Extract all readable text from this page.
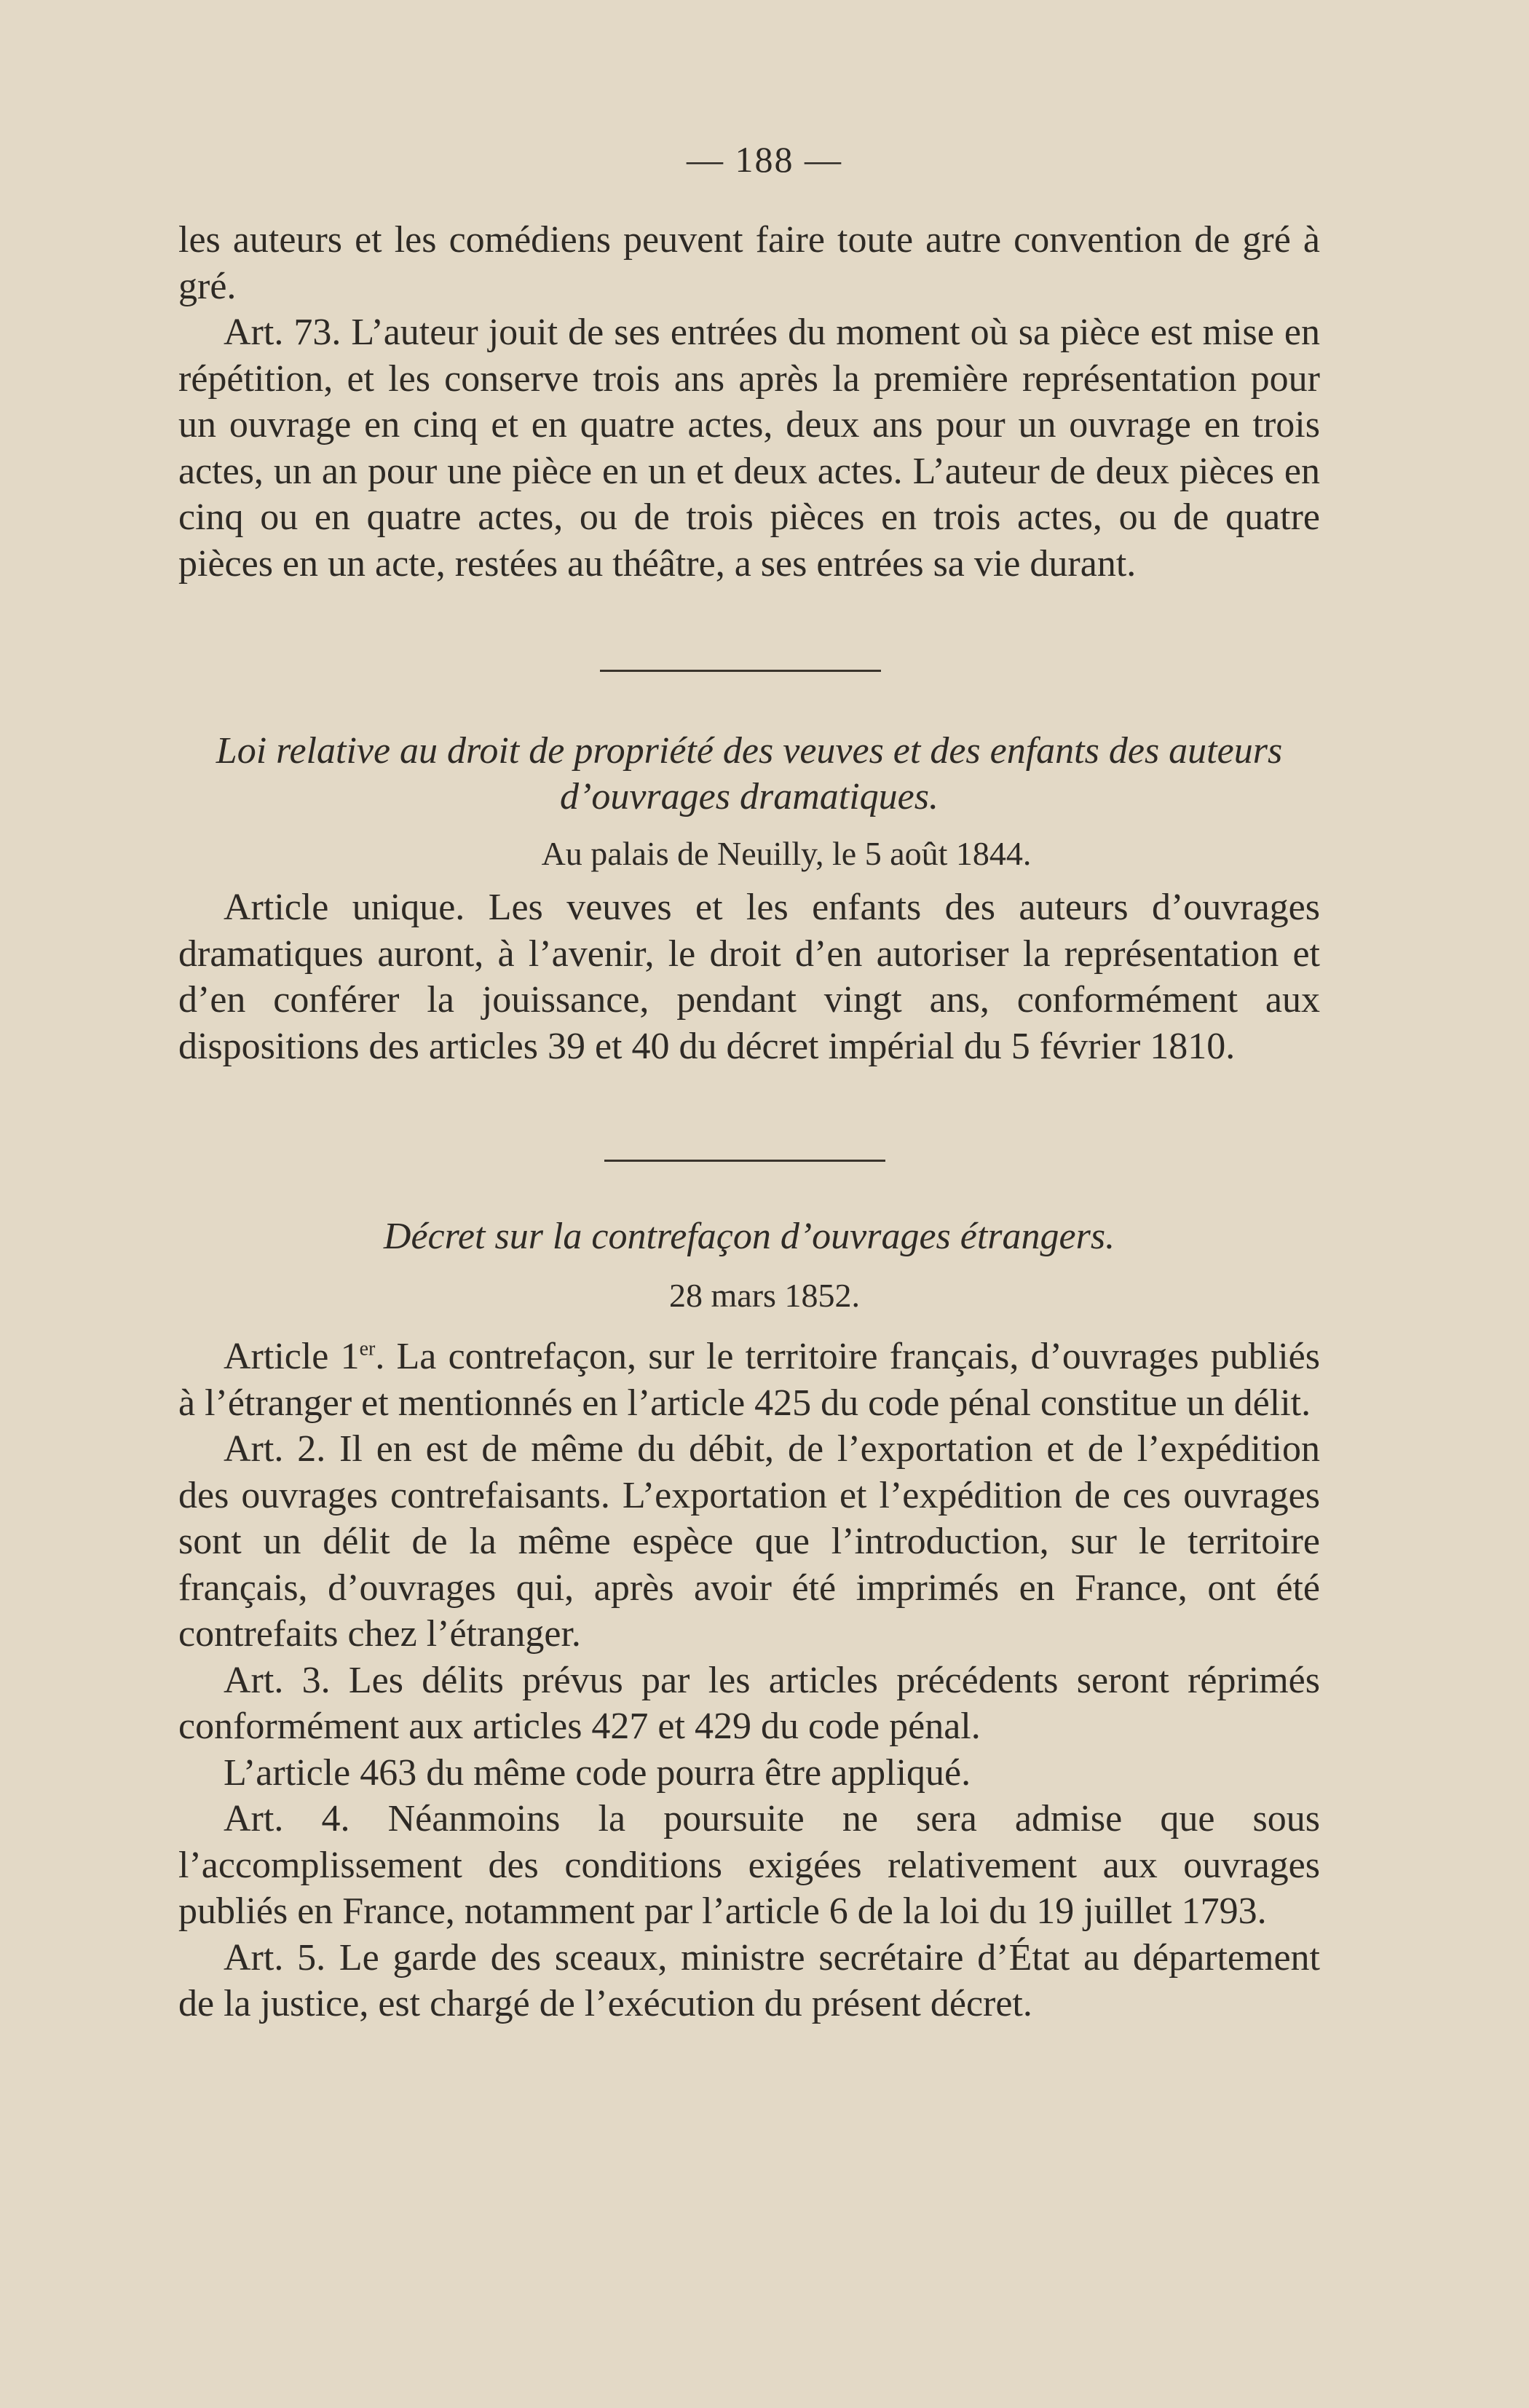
— 188 —

les auteurs et les comédiens peuvent faire toute autre convention de gré à gré.

Art. 73. L’auteur jouit de ses entrées du moment où sa pièce est mise en répétition, et les conserve trois ans après la première représentation pour un ouvrage en cinq et en quatre actes, deux ans pour un ouvrage en trois actes, un an pour une pièce en un et deux actes. L’auteur de deux pièces en cinq ou en quatre actes, ou de trois pièces en trois actes, ou de quatre pièces en un acte, restées au théâtre, a ses entrées sa vie durant.

Loi relative au droit de propriété des veuves et des enfants des auteurs d’ouvrages dramatiques.
Au palais de Neuilly, le 5 août 1844.

Article unique. Les veuves et les enfants des auteurs d’ouvrages dramatiques auront, à l’avenir, le droit d’en autoriser la représentation et d’en conférer la jouissance, pendant vingt ans, conformément aux dispositions des articles 39 et 40 du décret impérial du 5 février 1810.

Décret sur la contrefaçon d’ouvrages étrangers.
28 mars 1852.

Article 1er. La contrefaçon, sur le territoire français, d’ouvrages publiés à l’étranger et mentionnés en l’article 425 du code pénal constitue un délit.

Art. 2. Il en est de même du débit, de l’exportation et de l’expédition des ouvrages contrefaisants. L’exportation et l’expédition de ces ouvrages sont un délit de la même espèce que l’introduction, sur le territoire français, d’ouvrages qui, après avoir été imprimés en France, ont été contrefaits chez l’étranger.

Art. 3. Les délits prévus par les articles précédents seront réprimés conformément aux articles 427 et 429 du code pénal.

L’article 463 du même code pourra être appliqué.

Art. 4. Néanmoins la poursuite ne sera admise que sous l’accomplissement des conditions exigées relativement aux ouvrages publiés en France, notamment par l’article 6 de la loi du 19 juillet 1793.

Art. 5. Le garde des sceaux, ministre secrétaire d’État au département de la justice, est chargé de l’exécution du présent décret.
